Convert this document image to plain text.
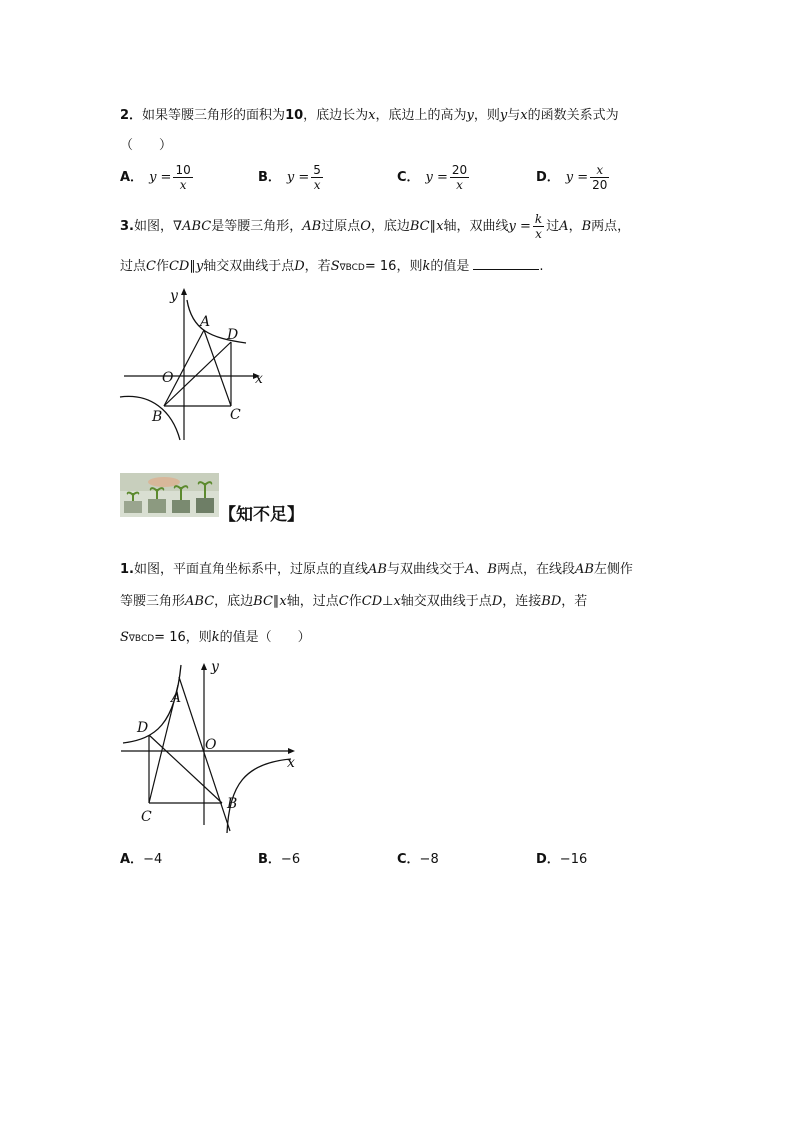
2．如果等腰三角形的面积为10，底边长为x，底边上的高为y，则y与x的函数关系式为
（　　）
A． $y = \frac{10}{x}$	B． $y = \frac{5}{x}$	C． $y = \frac{20}{x}$	D． $y = \frac{x}{20}$
3.如图，∇ABC是等腰三角形，AB过原点O，底边BC∥x轴，双曲线$y = \frac{k}{x}$ 过A，B两点，
过点C作CD∥y轴交双曲线于点D，若S∇BCD= 16，则k的值是	.
y
x
A
D
O
B	C
【知不足】
1.如图，平面直角坐标系中，过原点的直线AB与双曲线交于A、B两点，在线段AB左侧作
等腰三角形ABC，底边BC∥x轴，过点C作CD⊥x轴交双曲线于点D，连接BD，若
S∇BCD= 16，则k的值是（　　）
y
x
A
D
O
B
C
A．−4	B．−6	C．−8	D．−16
